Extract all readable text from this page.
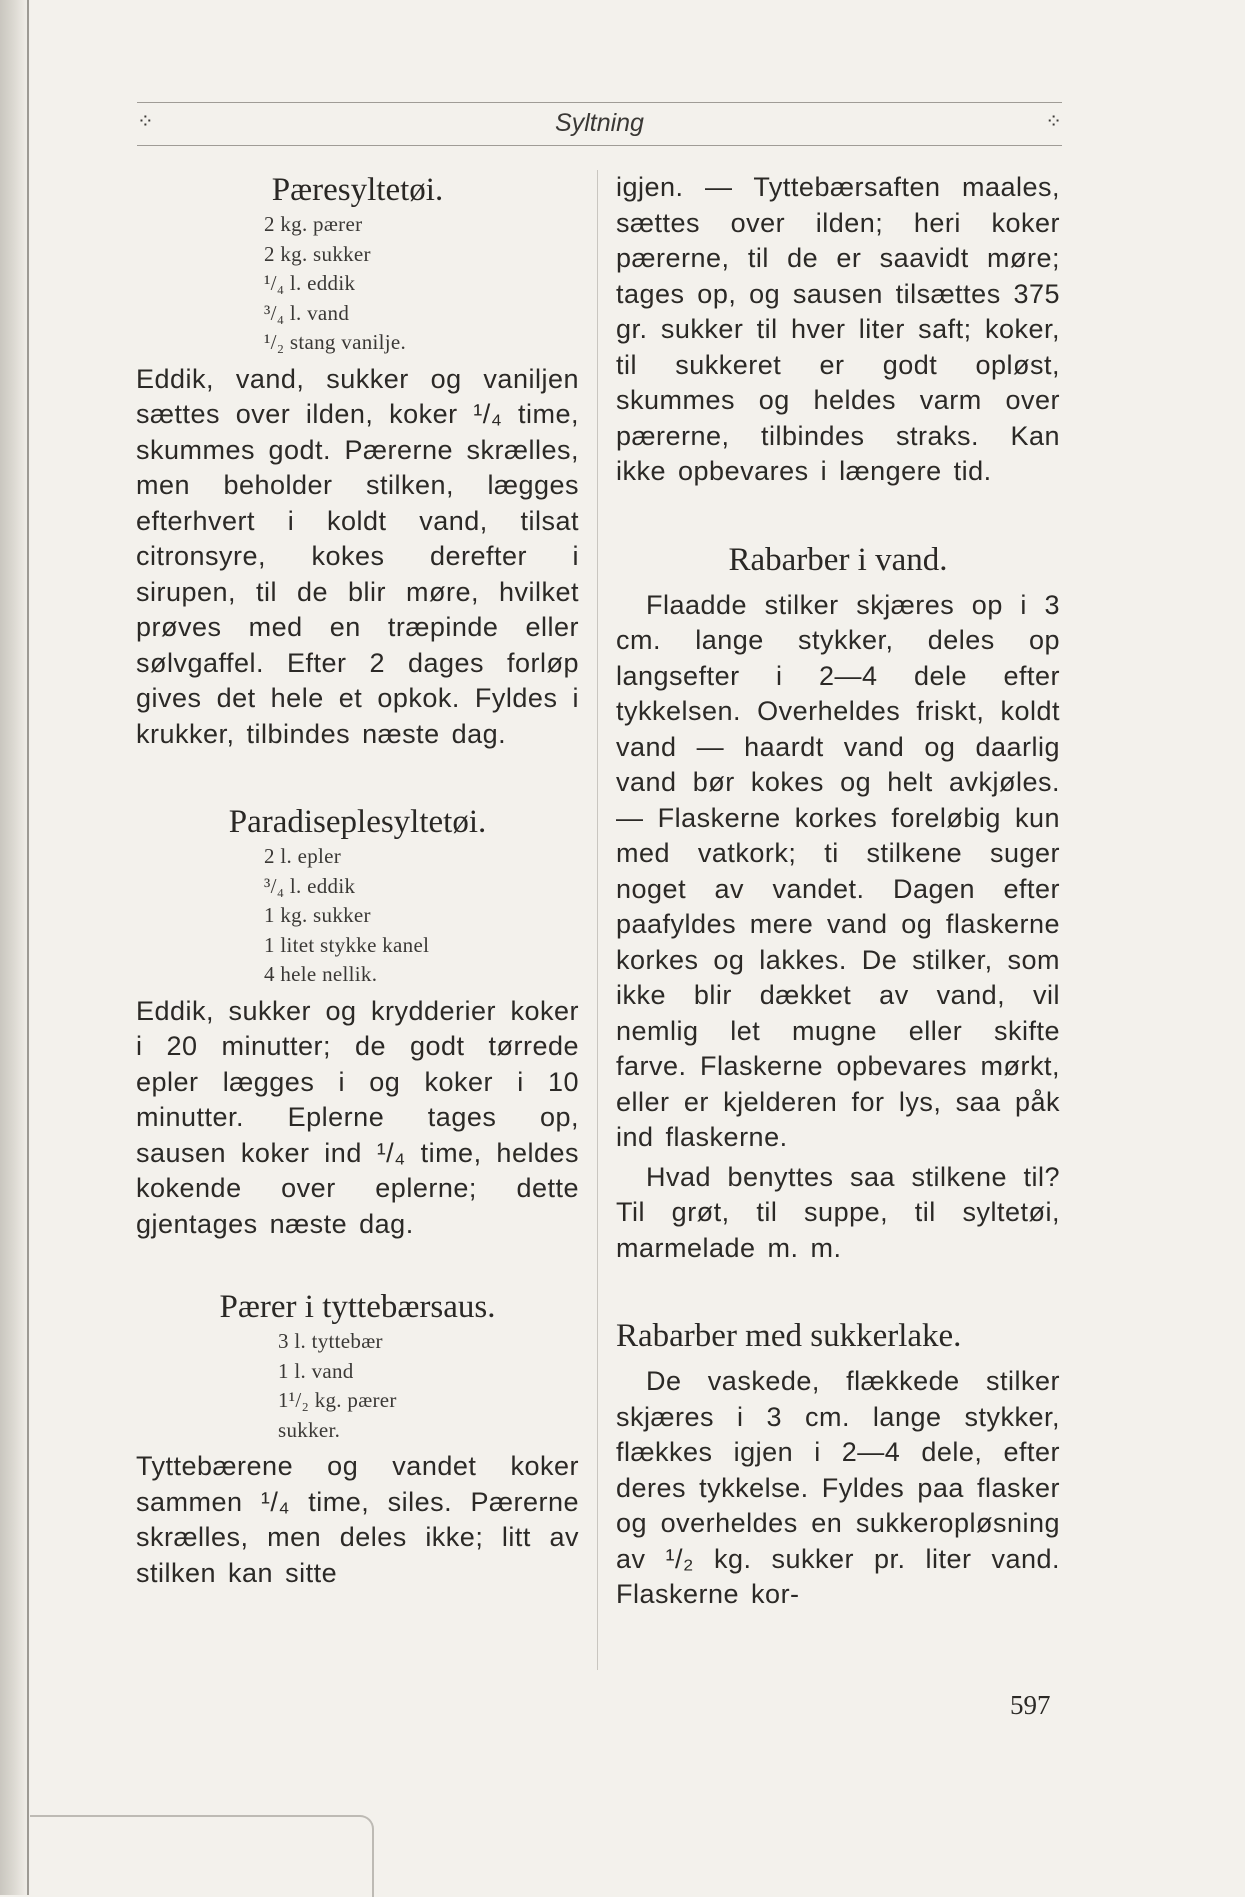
⁘	Syltning	⁘
Pæresyltetøi.
2 kg. pærer
2 kg. sukker
¹/₄ l. eddik
³/₄ l. vand
¹/₂ stang vanilje.

Eddik, vand, sukker og vaniljen sættes over ilden, koker ¹/₄ time, skummes godt. Pærerne skrælles, men beholder stilken, lægges efterhvert i koldt vand, tilsat citronsyre, kokes derefter i sirupen, til de blir møre, hvilket prøves med en træpinde eller sølvgaffel. Efter 2 dages forløp gives det hele et opkok. Fyldes i krukker, tilbindes næste dag.

Paradiseplesyltetøi.
2 l. epler
³/₄ l. eddik
1 kg. sukker
1 litet stykke kanel
4 hele nellik.

Eddik, sukker og krydderier koker i 20 minutter; de godt tørrede epler lægges i og koker i 10 minutter. Eplerne tages op, sausen koker ind ¹/₄ time, heldes kokende over eplerne; dette gjentages næste dag.

Pærer i tyttebærsaus.
3 l. tyttebær
1 l. vand
1¹/₂ kg. pærer
sukker.

Tyttebærene og vandet koker sammen ¹/₄ time, siles. Pærerne skrælles, men deles ikke; litt av stilken kan sitte

igjen. — Tyttebærsaften maales, sættes over ilden; heri koker pærerne, til de er saavidt møre; tages op, og sausen tilsættes 375 gr. sukker til hver liter saft; koker, til sukkeret er godt opløst, skummes og heldes varm over pærerne, tilbindes straks. Kan ikke opbevares i længere tid.

Rabarber i vand.

Flaadde stilker skjæres op i 3 cm. lange stykker, deles op langsefter i 2—4 dele efter tykkelsen. Overheldes friskt, koldt vand — haardt vand og daarlig vand bør kokes og helt avkjøles. — Flaskerne korkes foreløbig kun med vatkork; ti stilkene suger noget av vandet. Dagen efter paafyldes mere vand og flaskerne korkes og lakkes. De stilker, som ikke blir dækket av vand, vil nemlig let mugne eller skifte farve. Flaskerne opbevares mørkt, eller er kjelderen for lys, saa påk ind flaskerne.

Hvad benyttes saa stilkene til? Til grøt, til suppe, til syltetøi, marmelade m. m.

Rabarber med sukkerlake.

De vaskede, flækkede stilker skjæres i 3 cm. lange stykker, flækkes igjen i 2—4 dele, efter deres tykkelse. Fyldes paa flasker og overheldes en sukkeropløsning av ¹/₂ kg. sukker pr. liter vand. Flaskerne kor-

597
